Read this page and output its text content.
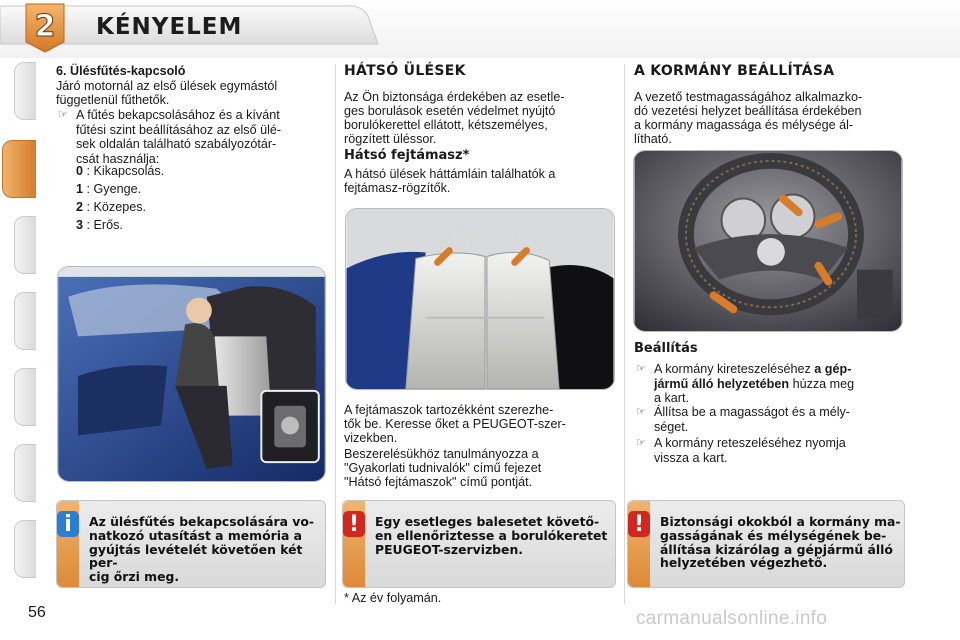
2 KÉNYELEM
6. Ülésfűtés-kapcsoló
Járó motornál az első ülések egymástól
függetlenül fűthetők.
☞ A fűtés bekapcsolásához és a kívánt
fűtési szint beállításához az első ülé-
sek oldalán található szabályozótár-
csát használja:
0 : Kikapcsolás.
1 : Gyenge.
2 : Közepes.
3 : Erős.
i	Az ülésfűtés bekapcsolására vo-
natkozó utasítást a memória a
gyújtás levételét követően két per-
cig őrzi meg.
HÁTSÓ ÜLÉSEK
Az Ön biztonsága érdekében az esetle-
ges borulások esetén védelmet nyújtó
borulókerettel ellátott, kétszemélyes,
rögzített üléssor.
Hátsó fejtámasz*
A hátsó ülések háttámláin találhatók a
fejtámasz-rögzítők.
A fejtámaszok tartozékként szerezhe-
tők be. Keresse őket a PEUGEOT-szer-
vizekben.
Beszerelésükhöz tanulmányozza a
"Gyakorlati tudnivalók" című fejezet
"Hátsó fejtámaszok" című pontját.
!	Egy esetleges balesetet követő-
en ellenőriztesse a borulókeretet
PEUGEOT-szervizben.
* Az év folyamán.
A KORMÁNY BEÁLLÍTÁSA
A vezető testmagasságához alkalmazko-
dó vezetési helyzet beállítása érdekében
a kormány magassága és mélysége ál-
lítható.
Beállítás
☞ A kormány kireteszeléséhez a gép-
jármű álló helyzetében húzza meg
a kart.
☞ Állítsa be a magasságot és a mély-
séget.
☞ A kormány reteszeléséhez nyomja
vissza a kart.
!	Biztonsági okokból a kormány ma-
gasságának és mélységének be-
állítása kizárólag a gépjármű álló
helyzetében végezhető.
56	carmanualsonline.info
